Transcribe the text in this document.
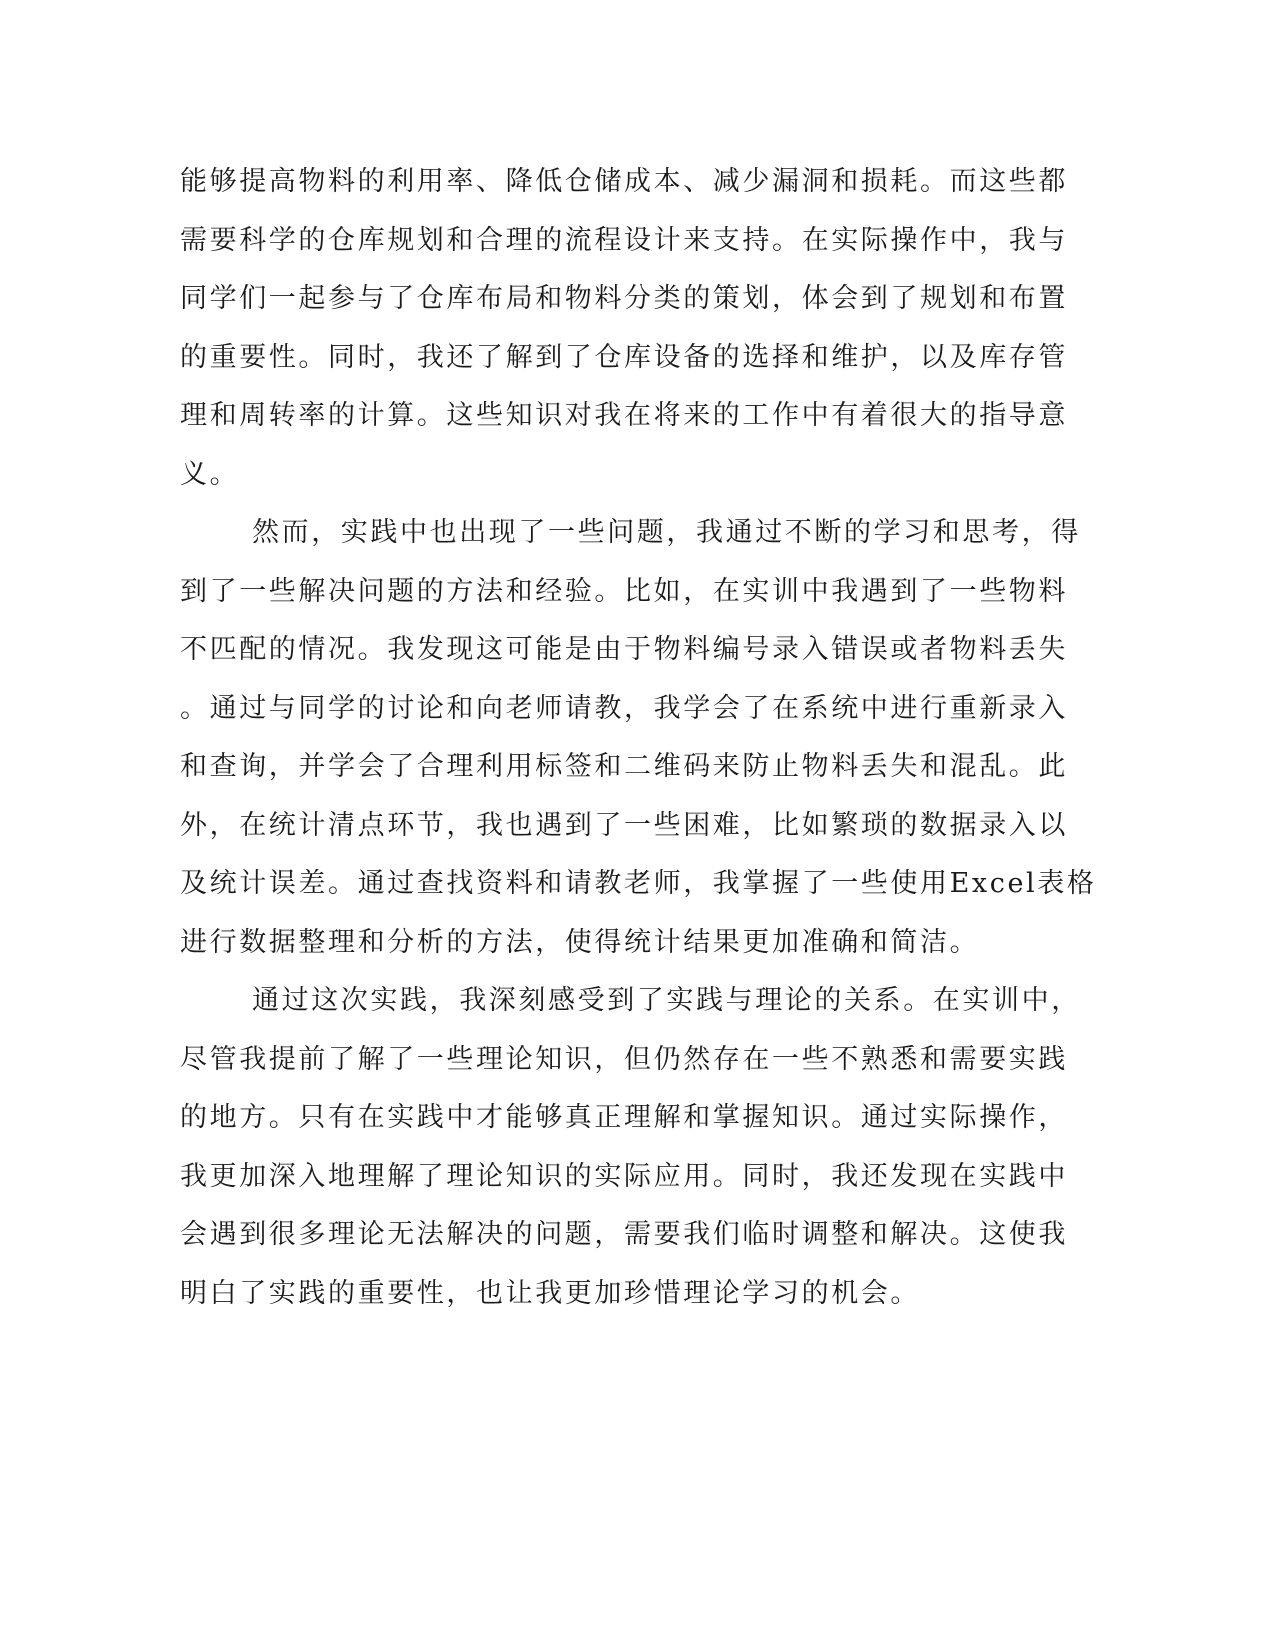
能够提高物料的利用率、降低仓储成本、减少漏洞和损耗。而这些都
需要科学的仓库规划和合理的流程设计来支持。在实际操作中，我与
同学们一起参与了仓库布局和物料分类的策划，体会到了规划和布置
的重要性。同时，我还了解到了仓库设备的选择和维护，以及库存管
理和周转率的计算。这些知识对我在将来的工作中有着很大的指导意
义。
然而，实践中也出现了一些问题，我通过不断的学习和思考，得
到了一些解决问题的方法和经验。比如，在实训中我遇到了一些物料
不匹配的情况。我发现这可能是由于物料编号录入错误或者物料丢失
。通过与同学的讨论和向老师请教，我学会了在系统中进行重新录入
和查询，并学会了合理利用标签和二维码来防止物料丢失和混乱。此
外，在统计清点环节，我也遇到了一些困难，比如繁琐的数据录入以
及统计误差。通过查找资料和请教老师，我掌握了一些使用Excel表格
进行数据整理和分析的方法，使得统计结果更加准确和简洁。
通过这次实践，我深刻感受到了实践与理论的关系。在实训中，
尽管我提前了解了一些理论知识，但仍然存在一些不熟悉和需要实践
的地方。只有在实践中才能够真正理解和掌握知识。通过实际操作，
我更加深入地理解了理论知识的实际应用。同时，我还发现在实践中
会遇到很多理论无法解决的问题，需要我们临时调整和解决。这使我
明白了实践的重要性，也让我更加珍惜理论学习的机会。
